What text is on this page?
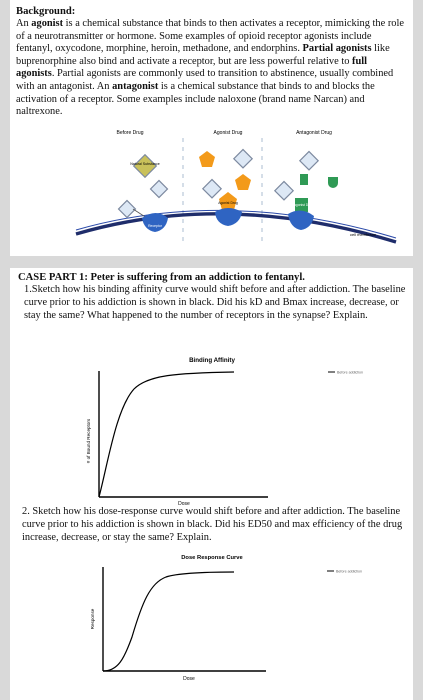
Background:

An agonist is a chemical substance that binds to then activates a receptor, mimicking the role of a neurotransmitter or hormone. Some examples of opioid receptor agonists include fentanyl, oxycodone, morphine, heroin, methadone, and endorphins. Partial agonists like buprenorphine also bind and activate a receptor, but are less powerful relative to full agonists. Partial agonists are commonly used to transition to abstinence, usually combined with an antagonist. An antagonist is a chemical substance that binds to and blocks the activation of a receptor. Some examples include naloxone (brand name Narcan) and naltrexone.

Before Drug	Agonist Drug	Antagonist Drug
cell membrane
Natural Substance
Receptor
Agonist Drug	Antagonist Drug

CASE PART 1: Peter is suffering from an addiction to fentanyl.

1.Sketch how his binding affinity curve would shift before and after addiction. The baseline curve prior to his addiction is shown in black. Did his kD and Bmax increase, decrease, or stay the same? What happened to the number of receptors in the synapse? Explain.

Binding Affinity
# of Bound Receptors
Dose
Before addiction

2. Sketch how his dose-response curve would shift before and after addiction. The baseline curve prior to his addiction is shown in black. Did his ED50 and max efficiency of the drug increase, decrease, or stay the same? Explain.

Dose Response Curve
Response
Dose
Before addiction
